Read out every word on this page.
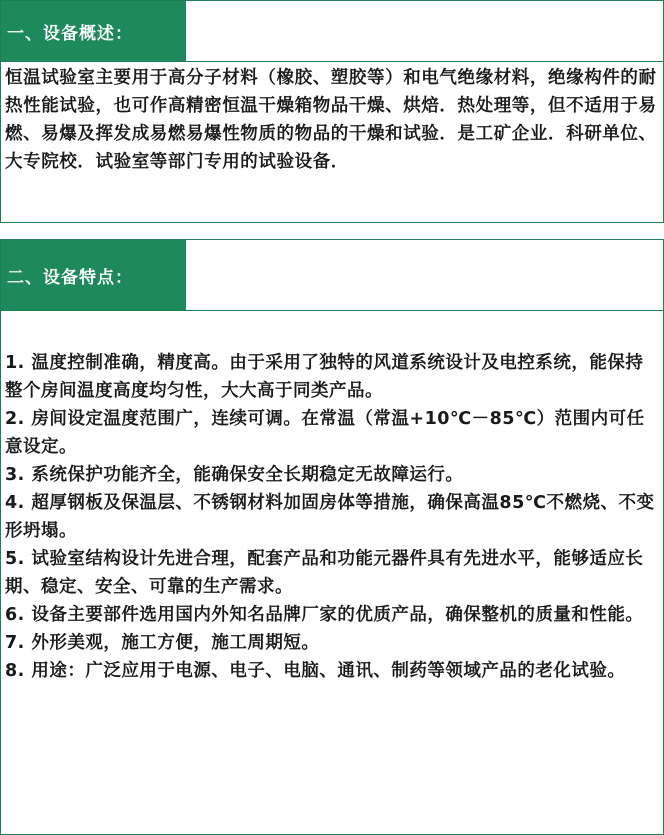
一、设备概述：
恒温试验室主要用于高分子材料（橡胶、塑胶等）和电气绝缘材料，绝缘构件的耐热性能试验，也可作高精密恒温干燥箱物品干燥、烘焙．热处理等，但不适用于易燃、易爆及挥发成易燃易爆性物质的物品的干燥和试验．是工矿企业．科研单位、大专院校．试验室等部门专用的试验设备．
二、设备特点：
1. 温度控制准确，精度高。由于采用了独特的风道系统设计及电控系统，能保持整个房间温度高度均匀性，大大高于同类产品。
2. 房间设定温度范围广，连续可调。在常温（常温+10℃－85℃）范围内可任意设定。
3. 系统保护功能齐全，能确保安全长期稳定无故障运行。
4. 超厚钢板及保温层、不锈钢材料加固房体等措施，确保高温85℃不燃烧、不变形坍塌。
5. 试验室结构设计先进合理，配套产品和功能元器件具有先进水平，能够适应长期、稳定、安全、可靠的生产需求。
6. 设备主要部件选用国内外知名品牌厂家的优质产品，确保整机的质量和性能。
7. 外形美观，施工方便，施工周期短。
8. 用途：广泛应用于电源、电子、电脑、通讯、制药等领域产品的老化试验。
